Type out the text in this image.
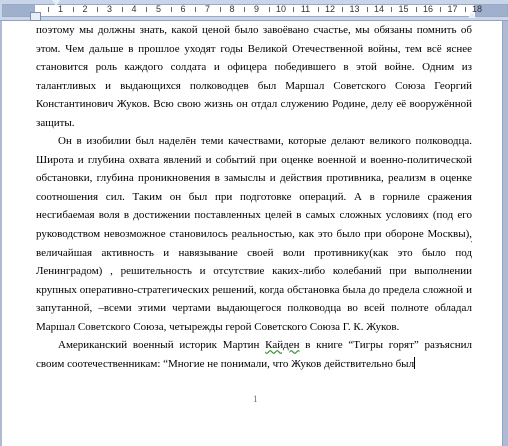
1 2 3 4 5 6 7 8 9 10 11 12 13 14 15 16 17 18

поэтому мы должны знать, какой ценой было завоёвано счастье, мы обязаны помнить об этом. Чем дальше в прошлое уходят годы Великой Отечественной войны, тем всё яснее становится роль каждого солдата и офицера победившего в этой войне. Одним из талантливых и выдающихся полководцев был Маршал Советского Союза Георгий Константинович Жуков. Всю свою жизнь он отдал служению Родине, делу её вооружённой защиты.

Он в изобилии был наделён теми качествами, которые делают великого полководца. Широта и глубина охвата явлений и событий при оценке военной и военно-политической обстановки, глубина проникновения в замыслы и действия противника, реализм в оценке соотношения сил. Таким он был при подготовке операций. А в горниле сражения несгибаемая воля в достижении поставленных целей в самых сложных условиях (под его руководством невозможное становилось реальностью, как это было при обороне Москвы), величайшая активность и навязывание своей воли противнику(как это было под Ленинградом) , решительность и отсутствие каких-либо колебаний при выполнении крупных оперативно-стратегических решений, когда обстановка была до предела сложной и запутанной, –всеми этими чертами выдающегося полководца во всей полноте обладал Маршал Советского Союза, четырежды герой Советского Союза Г. К. Жуков.

Американский военный историк Мартин Кайден в книге “Тигры горят” разъяснил своим соотечественникам: “Многие не понимали, что Жуков действительно был

1
